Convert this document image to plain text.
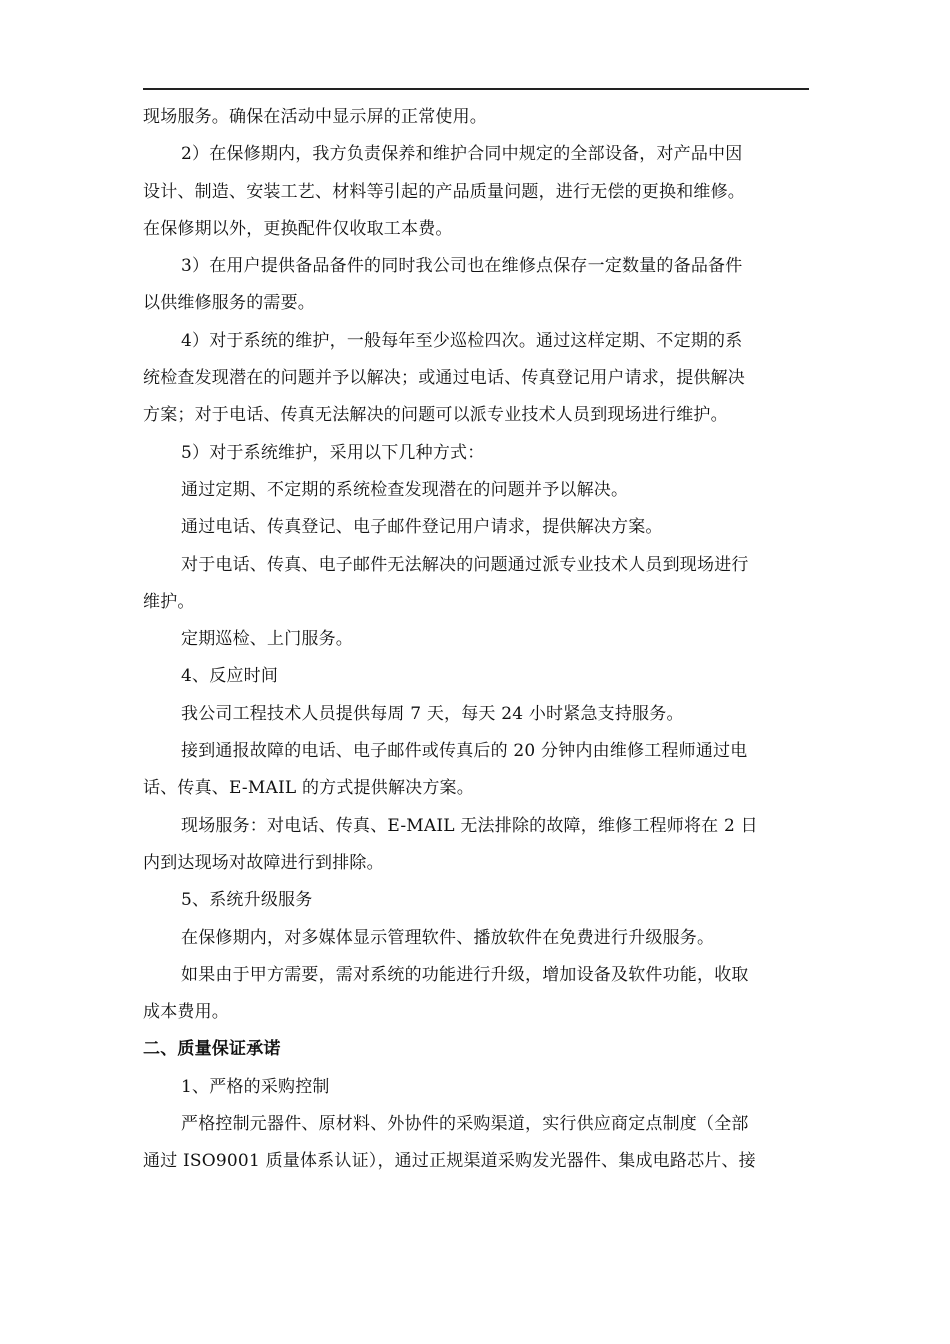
现场服务。确保在活动中显示屏的正常使用。

2）在保修期内，我方负责保养和维护合同中规定的全部设备，对产品中因

设计、制造、安装工艺、材料等引起的产品质量问题，进行无偿的更换和维修。

在保修期以外，更换配件仅收取工本费。

3）在用户提供备品备件的同时我公司也在维修点保存一定数量的备品备件

以供维修服务的需要。

4）对于系统的维护，一般每年至少巡检四次。通过这样定期、不定期的系

统检查发现潜在的问题并予以解决；或通过电话、传真登记用户请求，提供解决

方案；对于电话、传真无法解决的问题可以派专业技术人员到现场进行维护。

5）对于系统维护，采用以下几种方式：

通过定期、不定期的系统检查发现潜在的问题并予以解决。

通过电话、传真登记、电子邮件登记用户请求，提供解决方案。

对于电话、传真、电子邮件无法解决的问题通过派专业技术人员到现场进行

维护。

定期巡检、上门服务。

4、反应时间

我公司工程技术人员提供每周 7 天，每天 24 小时紧急支持服务。

接到通报故障的电话、电子邮件或传真后的 20 分钟内由维修工程师通过电

话、传真、E-MAIL 的方式提供解决方案。

现场服务：对电话、传真、E-MAIL 无法排除的故障，维修工程师将在 2 日

内到达现场对故障进行到排除。

5、系统升级服务

在保修期内，对多媒体显示管理软件、播放软件在免费进行升级服务。

如果由于甲方需要，需对系统的功能进行升级，增加设备及软件功能，收取

成本费用。

二、质量保证承诺

1、严格的采购控制

严格控制元器件、原材料、外协件的采购渠道，实行供应商定点制度（全部

通过 ISO9001 质量体系认证），通过正规渠道采购发光器件、集成电路芯片、接
